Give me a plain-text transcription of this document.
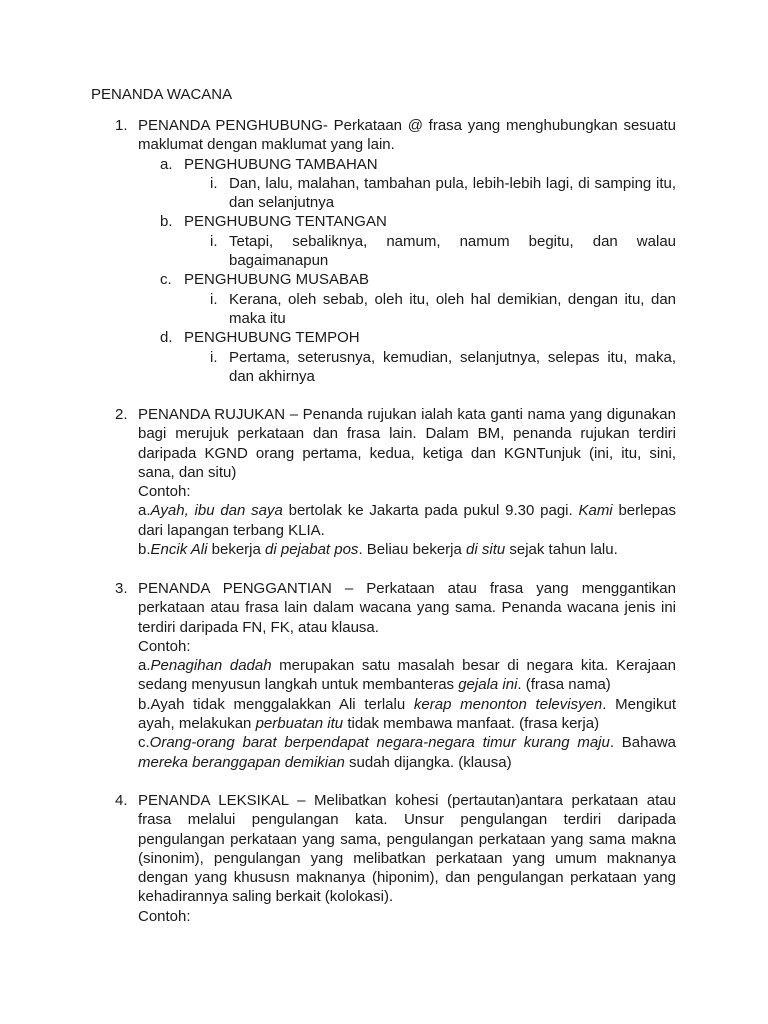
PENANDA WACANA
1. PENANDA PENGHUBUNG- Perkataan @ frasa yang menghubungkan sesuatu maklumat dengan maklumat yang lain.

a. PENGHUBUNG TAMBAHAN
i. Dan, lalu, malahan, tambahan pula, lebih-lebih lagi, di samping itu, dan selanjutnya
b. PENGHUBUNG TENTANGAN
i. Tetapi, sebaliknya, namum, namum begitu, dan walau bagaimanapun
c. PENGHUBUNG MUSABAB
i. Kerana, oleh sebab, oleh itu, oleh hal demikian, dengan itu, dan maka itu
d. PENGHUBUNG TEMPOH
i. Pertama, seterusnya, kemudian, selanjutnya, selepas itu, maka, dan akhirnya
2. PENANDA RUJUKAN – Penanda rujukan ialah kata ganti nama yang digunakan bagi merujuk perkataan dan frasa lain. Dalam BM, penanda rujukan terdiri daripada KGND orang pertama, kedua, ketiga dan KGNTunjuk (ini, itu, sini, sana, dan situ)

Contoh:

a.Ayah, ibu dan saya bertolak ke Jakarta pada pukul 9.30 pagi. Kami berlepas dari lapangan terbang KLIA.

b.Encik Ali bekerja di pejabat pos. Beliau bekerja di situ sejak tahun lalu.

3. PENANDA PENGGANTIAN – Perkataan atau frasa yang menggantikan perkataan atau frasa lain dalam wacana yang sama. Penanda wacana jenis ini terdiri daripada FN, FK, atau klausa.

Contoh:

a.Penagihan dadah merupakan satu masalah besar di negara kita. Kerajaan sedang menyusun langkah untuk membanteras gejala ini. (frasa nama)

b.Ayah tidak menggalakkan Ali terlalu kerap menonton televisyen. Mengikut ayah, melakukan perbuatan itu tidak membawa manfaat. (frasa kerja)

c.Orang-orang barat berpendapat negara-negara timur kurang maju. Bahawa mereka beranggapan demikian sudah dijangka. (klausa)

4. PENANDA LEKSIKAL – Melibatkan kohesi (pertautan)antara perkataan atau frasa melalui pengulangan kata. Unsur pengulangan terdiri daripada pengulangan perkataan yang sama, pengulangan perkataan yang sama makna (sinonim), pengulangan yang melibatkan perkataan yang umum maknanya dengan yang khususn maknanya (hiponim), dan pengulangan perkataan yang kehadirannya saling berkait (kolokasi).

Contoh:
